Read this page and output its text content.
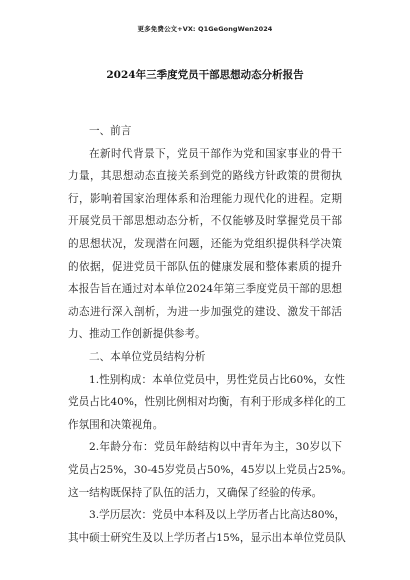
更多免费公文+VX: Q1GeGongWen2024
2024年三季度党员干部思想动态分析报告
一、前言
在新时代背景下，党员干部作为党和国家事业的骨干
力量，其思想动态直接关系到党的路线方针政策的贯彻执
行，影响着国家治理体系和治理能力现代化的进程。定期
开展党员干部思想动态分析，不仅能够及时掌握党员干部
的思想状况，发现潜在问题，还能为党组织提供科学决策
的依据，促进党员干部队伍的健康发展和整体素质的提升
本报告旨在通过对本单位2024年第三季度党员干部的思想
动态进行深入剖析，为进一步加强党的建设、激发干部活
力、推动工作创新提供参考。
二、本单位党员结构分析
1.性别构成：本单位党员中，男性党员占比60%，女性
党员占比40%，性别比例相对均衡，有利于形成多样化的工
作氛围和决策视角。
2.年龄分布：党员年龄结构以中青年为主，30岁以下
党员占25%，30-45岁党员占50%，45岁以上党员占25%。
这一结构既保持了队伍的活力，又确保了经验的传承。
3.学历层次：党员中本科及以上学历者占比高达80%，
其中硕士研究生及以上学历者占15%，显示出本单位党员队
